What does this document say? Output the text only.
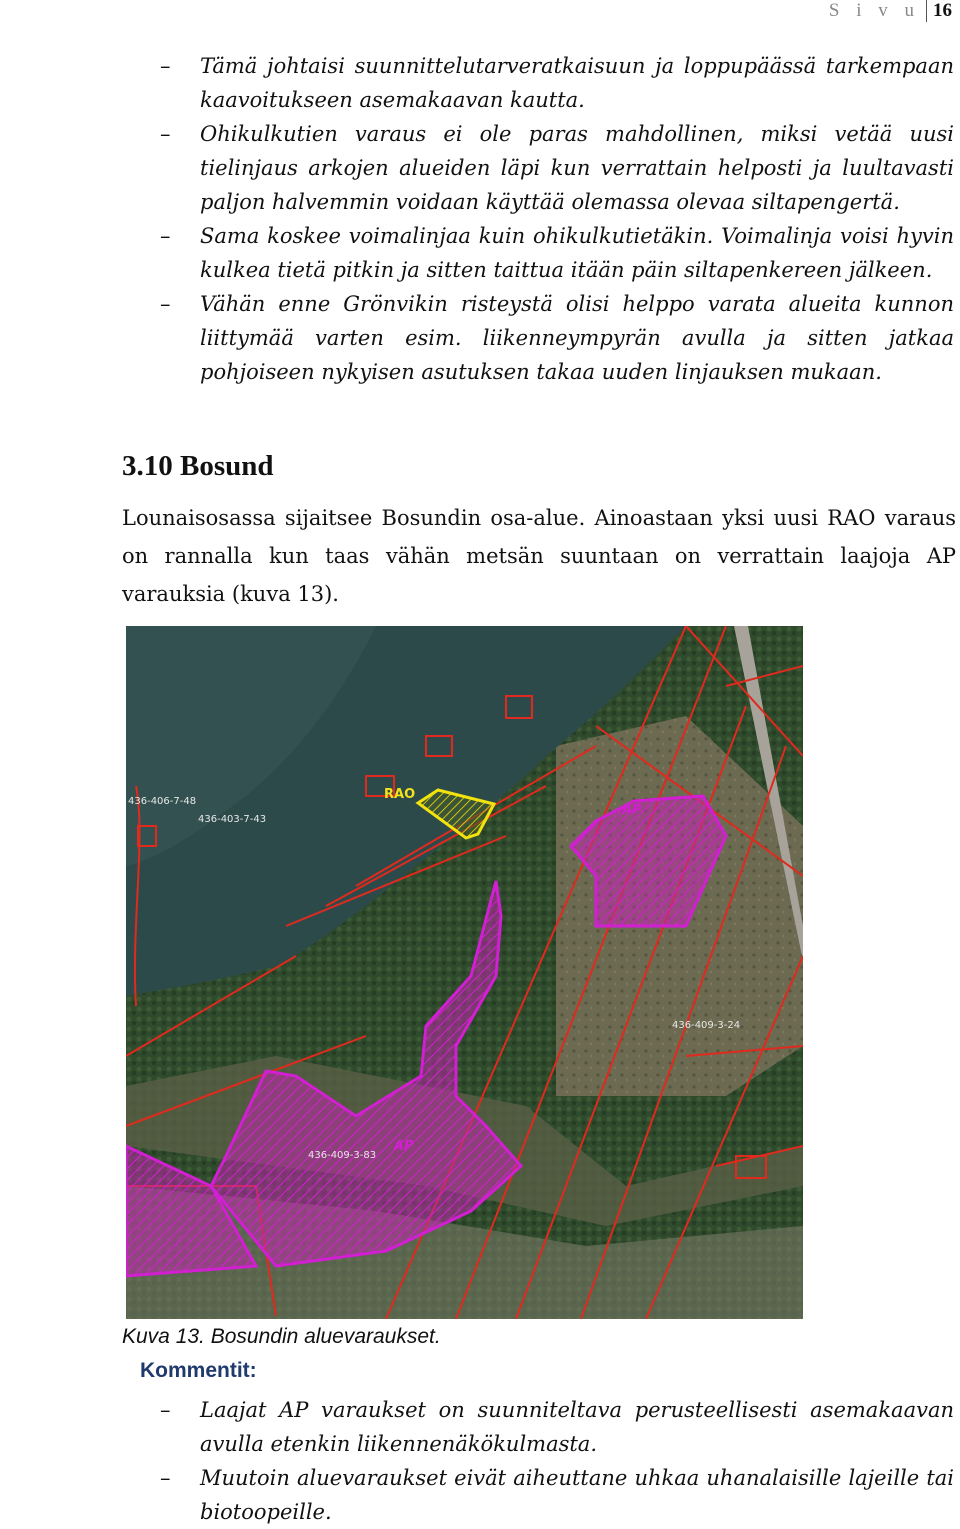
S i v u 16
– Tämä johtaisi suunnittelutarveratkaisuun ja loppupäässä tarkempaan kaavoitukseen asemakaavan kautta.
– Ohikulkutien varaus ei ole paras mahdollinen, miksi vetää uusi tielinjaus arkojen alueiden läpi kun verrattain helposti ja luultavasti paljon halvemmin voidaan käyttää olemassa olevaa siltapengertä.
– Sama koskee voimalinjaa kuin ohikulkutietäkin. Voimalinja voisi hyvin kulkea tietä pitkin ja sitten taittua itään päin siltapenkereen jälkeen.
– Vähän enne Grönvikin risteystä olisi helppo varata alueita kunnon liittymää varten esim. liikenneympyrän avulla ja sitten jatkaa pohjoiseen nykyisen asutuksen takaa uuden linjauksen mukaan.
3.10 Bosund

Lounaisosassa sijaitsee Bosundin osa-alue. Ainoastaan yksi uusi RAO varaus on rannalla kun taas vähän metsän suuntaan on verrattain laajoja AP varauksia (kuva 13).

RAO
AP
AP
436-406-7-48
436-403-7-43
436-409-3-24
436-409-3-83

Kuva 13. Bosundin aluevaraukset.

Kommentit:

– Laajat AP varaukset on suunniteltava perusteellisesti asemakaavan avulla etenkin liikennenäkökulmasta.
– Muutoin aluevaraukset eivät aiheuttane uhkaa uhanalaisille lajeille tai biotoopeille.
